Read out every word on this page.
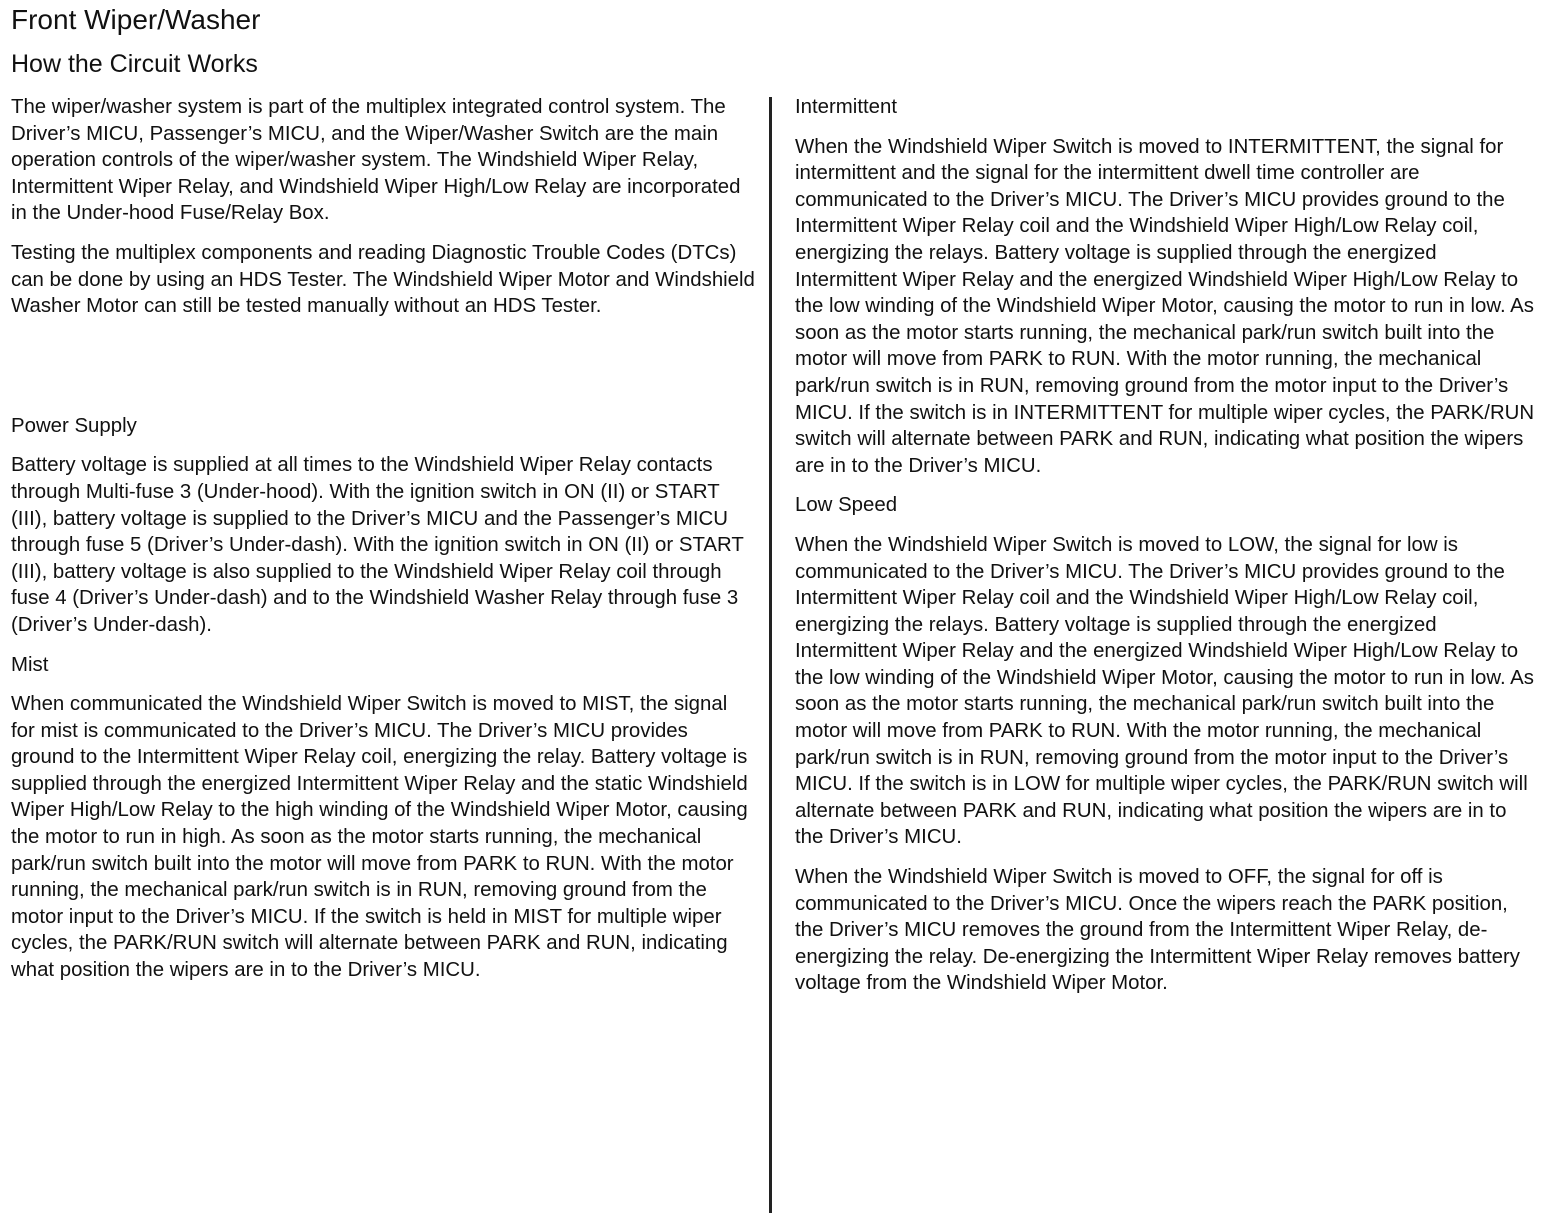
Front Wiper/Washer
How the Circuit Works

The wiper/washer system is part of the multiplex integrated control system. The Driver’s MICU, Passenger’s MICU, and the Wiper/Washer Switch are the main operation controls of the wiper/washer system. The Windshield Wiper Relay, Intermittent Wiper Relay, and Windshield Wiper High/Low Relay are incorporated in the Under-hood Fuse/Relay Box.

Testing the multiplex components and reading Diagnostic Trouble Codes (DTCs) can be done by using an HDS Tester. The Windshield Wiper Motor and Windshield Washer Motor can still be tested manually without an HDS Tester.

Power Supply

Battery voltage is supplied at all times to the Windshield Wiper Relay contacts through Multi-fuse 3 (Under-hood). With the ignition switch in ON (II) or START (III), battery voltage is supplied to the Driver’s MICU and the Passenger’s MICU through fuse 5 (Driver’s Under-dash). With the ignition switch in ON (II) or START (III), battery voltage is also supplied to the Windshield Wiper Relay coil through fuse 4 (Driver’s Under-dash) and to the Windshield Washer Relay through fuse 3 (Driver’s Under-dash).

Mist

When communicated the Windshield Wiper Switch is moved to MIST, the signal for mist is communicated to the Driver’s MICU. The Driver’s MICU provides ground to the Intermittent Wiper Relay coil, energizing the relay. Battery voltage is supplied through the energized Intermittent Wiper Relay and the static Windshield Wiper High/Low Relay to the high winding of the Windshield Wiper Motor, causing the motor to run in high. As soon as the motor starts running, the mechanical park/run switch built into the motor will move from PARK to RUN. With the motor running, the mechanical park/run switch is in RUN, removing ground from the motor input to the Driver’s MICU. If the switch is held in MIST for multiple wiper cycles, the PARK/RUN switch will alternate between PARK and RUN, indicating what position the wipers are in to the Driver’s MICU.

Intermittent

When the Windshield Wiper Switch is moved to INTERMITTENT, the signal for intermittent and the signal for the intermittent dwell time controller are communicated to the Driver’s MICU. The Driver’s MICU provides ground to the Intermittent Wiper Relay coil and the Windshield Wiper High/Low Relay coil, energizing the relays. Battery voltage is supplied through the energized Intermittent Wiper Relay and the energized Windshield Wiper High/Low Relay to the low winding of the Windshield Wiper Motor, causing the motor to run in low. As soon as the motor starts running, the mechanical park/run switch built into the motor will move from PARK to RUN. With the motor running, the mechanical park/run switch is in RUN, removing ground from the motor input to the Driver’s MICU. If the switch is in INTERMITTENT for multiple wiper cycles, the PARK/RUN switch will alternate between PARK and RUN, indicating what position the wipers are in to the Driver’s MICU.

Low Speed

When the Windshield Wiper Switch is moved to LOW, the signal for low is communicated to the Driver’s MICU. The Driver’s MICU provides ground to the Intermittent Wiper Relay coil and the Windshield Wiper High/Low Relay coil, energizing the relays. Battery voltage is supplied through the energized Intermittent Wiper Relay and the energized Windshield Wiper High/Low Relay to the low winding of the Windshield Wiper Motor, causing the motor to run in low. As soon as the motor starts running, the mechanical park/run switch built into the motor will move from PARK to RUN. With the motor running, the mechanical park/run switch is in RUN, removing ground from the motor input to the Driver’s MICU. If the switch is in LOW for multiple wiper cycles, the PARK/RUN switch will alternate between PARK and RUN, indicating what position the wipers are in to the Driver’s MICU.

When the Windshield Wiper Switch is moved to OFF, the signal for off is communicated to the Driver’s MICU. Once the wipers reach the PARK position, the Driver’s MICU removes the ground from the Intermittent Wiper Relay, de-energizing the relay. De-energizing the Intermittent Wiper Relay removes battery voltage from the Windshield Wiper Motor.
